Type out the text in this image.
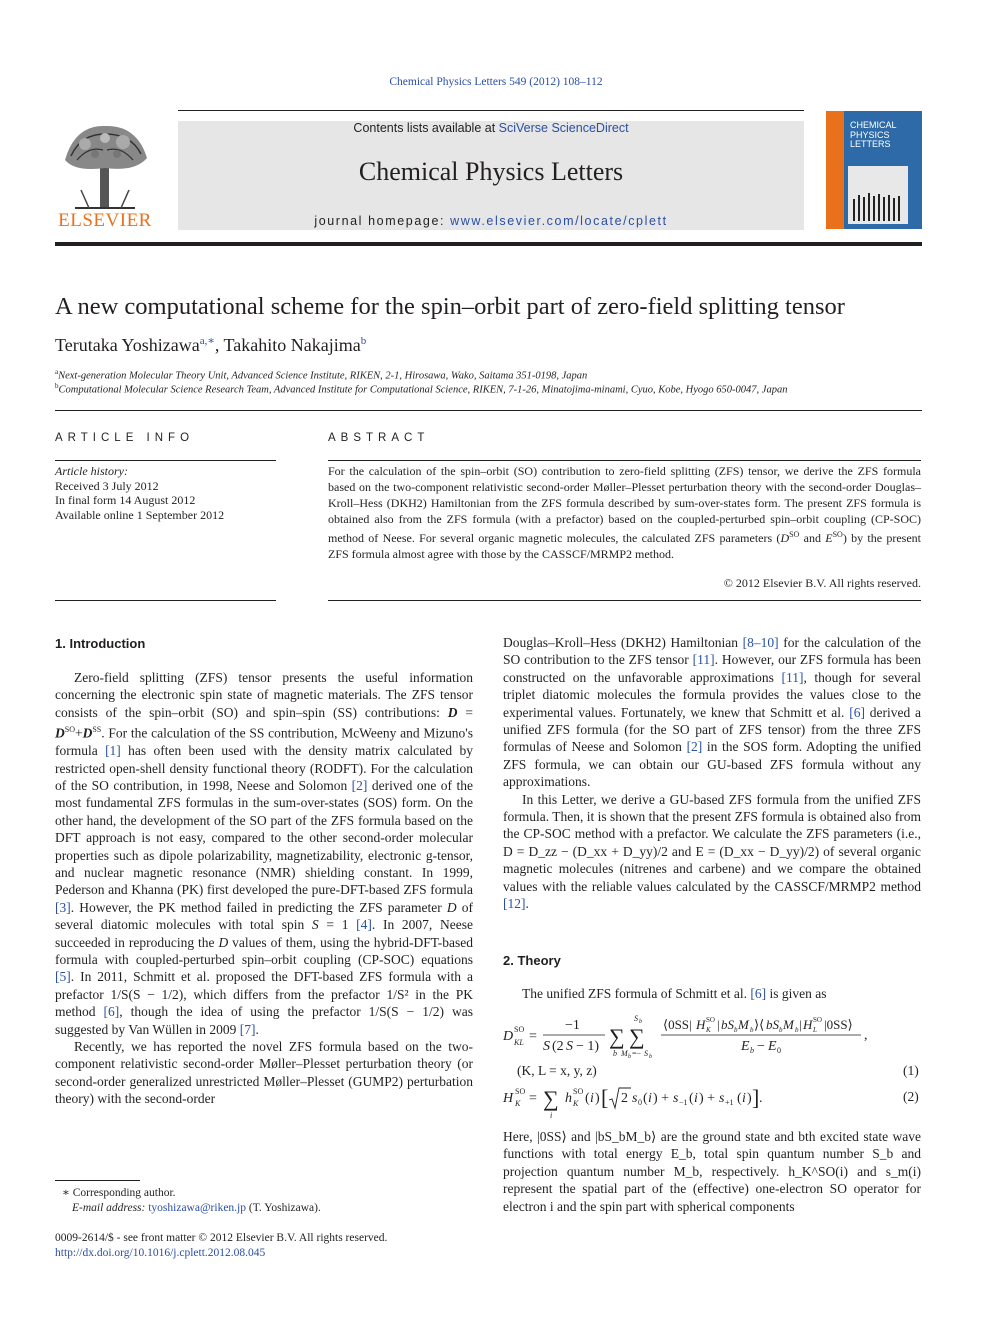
Chemical Physics Letters 549 (2012) 108–112
ELSEVIER
Contents lists available at SciVerse ScienceDirect
Chemical Physics Letters
journal homepage: www.elsevier.com/locate/cplett
CHEMICAL
PHYSICS
LETTERS
A new computational scheme for the spin–orbit part of zero-field splitting tensor
Terutaka Yoshizawa$^{a,∗}$, Takahito Nakajima$^b$
$^a$Next-generation Molecular Theory Unit, Advanced Science Institute, RIKEN, 2-1, Hirosawa, Wako, Saitama 351-0198, Japan
$^b$Computational Molecular Science Research Team, Advanced Institute for Computational Science, RIKEN, 7-1-26, Minatojima-minami, Cyuo, Kobe, Hyogo 650-0047, Japan
ARTICLE INFO
Article history:
Received 3 July 2012
In final form 14 August 2012
Available online 1 September 2012
ABSTRACT
For the calculation of the spin–orbit (SO) contribution to zero-field splitting (ZFS) tensor, we derive the ZFS formula based on the two-component relativistic second-order Møller–Plesset perturbation theory with the second-order Douglas–Kroll–Hess (DKH2) Hamiltonian from the ZFS formula described by sum-over-states form. The present ZFS formula is obtained also from the ZFS formula (with a prefactor) based on the coupled-perturbed spin–orbit coupling (CP-SOC) method of Neese. For several organic magnetic molecules, the calculated ZFS parameters ($D^{SO}$ and $E^{SO}$) by the present ZFS formula almost agree with those by the CASSCF/MRMP2 method.
© 2012 Elsevier B.V. All rights reserved.
1. Introduction

Zero-field splitting (ZFS) tensor presents the useful information concerning the electronic spin state of magnetic materials. The ZFS tensor consists of the spin–orbit (SO) and spin–spin (SS) contributions: $D = D^{SO}+D^{SS}$. For the calculation of the SS contribution, McWeeny and Mizuno's formula [1] has often been used with the density matrix calculated by restricted open-shell density functional theory (RODFT). For the calculation of the SO contribution, in 1998, Neese and Solomon [2] derived one of the most fundamental ZFS formulas in the sum-over-states (SOS) form. On the other hand, the development of the SO part of the ZFS formula based on the DFT approach is not easy, compared to the other second-order molecular properties such as dipole polarizability, magnetizability, electronic g-tensor, and nuclear magnetic resonance (NMR) shielding constant. In 1999, Pederson and Khanna (PK) first developed the pure-DFT-based ZFS formula [3]. However, the PK method failed in predicting the ZFS parameter D of several diatomic molecules with total spin S = 1 [4]. In 2007, Neese succeeded in reproducing the D values of them, using the hybrid-DFT-based formula with coupled-perturbed spin–orbit coupling (CP-SOC) equations [5]. In 2011, Schmitt et al. proposed the DFT-based ZFS formula with a prefactor 1/S(S − 1/2), which differs from the prefactor 1/S² in the PK method [6], though the idea of using the prefactor 1/S(S − 1/2) was suggested by Van Wüllen in 2009 [7].

Recently, we has reported the novel ZFS formula based on the two-component relativistic second-order Møller–Plesset perturbation theory (or second-order generalized unrestricted Møller–Plesset (GUMP2) perturbation theory) with the second-order

∗ Corresponding author.
E-mail address: tyoshizawa@riken.jp (T. Yoshizawa).
0009-2614/$ - see front matter © 2012 Elsevier B.V. All rights reserved.
http://dx.doi.org/10.1016/j.cplett.2012.08.045

Douglas–Kroll–Hess (DKH2) Hamiltonian [8–10] for the calculation of the SO contribution to the ZFS tensor [11]. However, our ZFS formula has been constructed on the unfavorable approximations [11], though for several triplet diatomic molecules the formula provides the values close to the experimental values. Fortunately, we knew that Schmitt et al. [6] derived a unified ZFS formula (for the SO part of ZFS tensor) from the three ZFS formulas of Neese and Solomon [2] in the SOS form. Adopting the unified ZFS formula, we can obtain our GU-based ZFS formula without any approximations.

In this Letter, we derive a GU-based ZFS formula from the unified ZFS formula. Then, it is shown that the present ZFS formula is obtained also from the CP-SOC method with a prefactor. We calculate the ZFS parameters (i.e., D = D_zz − (D_xx + D_yy)/2 and E = (D_xx − D_yy)/2) of several organic magnetic molecules (nitrenes and carbene) and we compare the obtained values with the reliable values calculated by the CASSCF/MRMP2 method [12].

2. Theory

The unified ZFS formula of Schmitt et al. [6] is given as

D SO
KL =
−1
S (2 S − 1) ∑
b
∑
S b
M b =− S b
⟨0SS| H SO
K | bS b M b ⟩⟨ bS b M b | H SO
L |0SS⟩
E b − E 0
,
(K, L = x, y, z)	(1)
H SO
K = ∑
i
h SO
K ( i ) [ 2 s 0 ( i ) + s −1 ( i ) + s +1 ( i ) ] .	(2)

Here, |0SS⟩ and |bS_bM_b⟩ are the ground state and bth excited state wave functions with total energy E_b, total spin quantum number S_b and projection quantum number M_b, respectively. h_K^SO(i) and s_m(i) represent the spatial part of the (effective) one-electron SO operator for electron i and the spin part with spherical components
